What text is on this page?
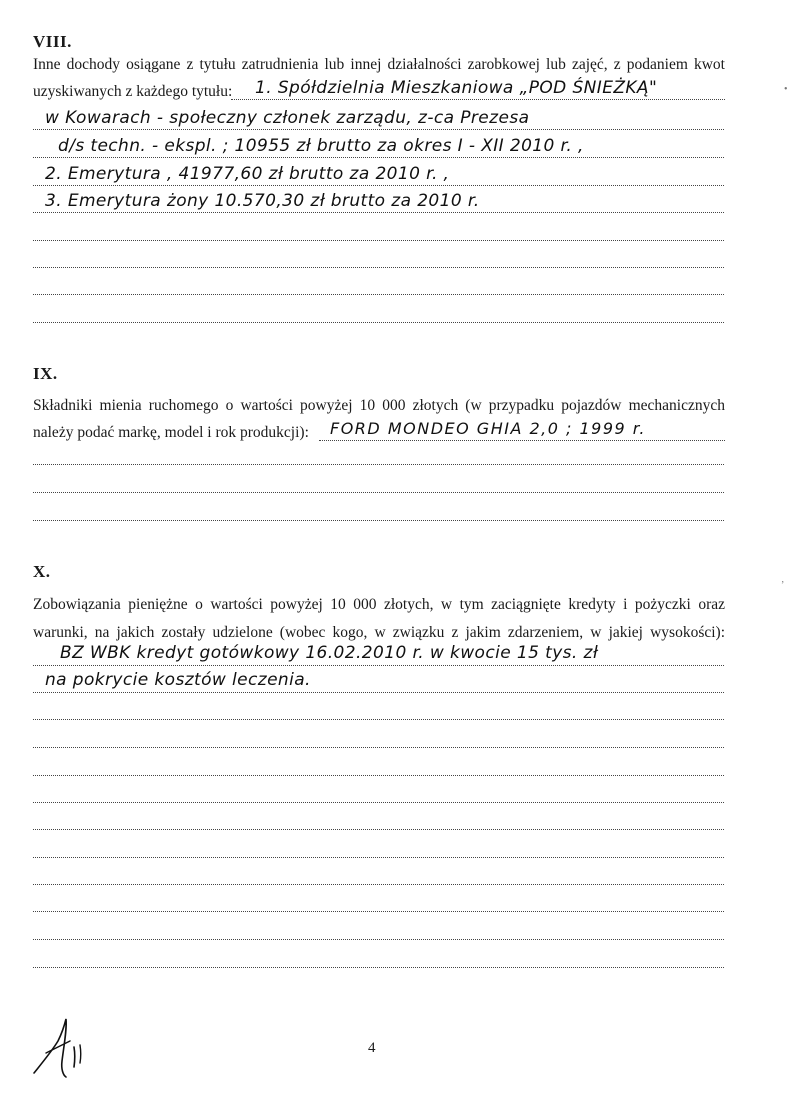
VIII.
Inne dochody osiągane z tytułu zatrudnienia lub innej działalności zarobkowej lub zajęć, z podaniem kwot
uzyskiwanych z każdego tytułu: 1. Spółdzielnia Mieszkaniowa „POD ŚNIEŻKĄ"
w Kowarach - społeczny członek zarządu, z-ca Prezesa
d/s techn. - ekspl. ; 10955 zł brutto za okres I - XII 2010 r. ,
2. Emerytura , 41977,60 zł brutto za 2010 r. ,
3. Emerytura żony 10.570,30 zł brutto za 2010 r.
IX.
Składniki mienia ruchomego o wartości powyżej 10 000 złotych (w przypadku pojazdów mechanicznych
należy podać markę, model i rok produkcji): FORD MONDEO GHIA 2,0 ; 1999 r.
X.
Zobowiązania pieniężne o wartości powyżej 10 000 złotych, w tym zaciągnięte kredyty i pożyczki oraz
warunki, na jakich zostały udzielone (wobec kogo, w związku z jakim zdarzeniem, w jakiej wysokości):
BZ WBK kredyt gotówkowy 16.02.2010 r. w kwocie 15 tys. zł
na pokrycie kosztów leczenia.
•
ʼ
4
